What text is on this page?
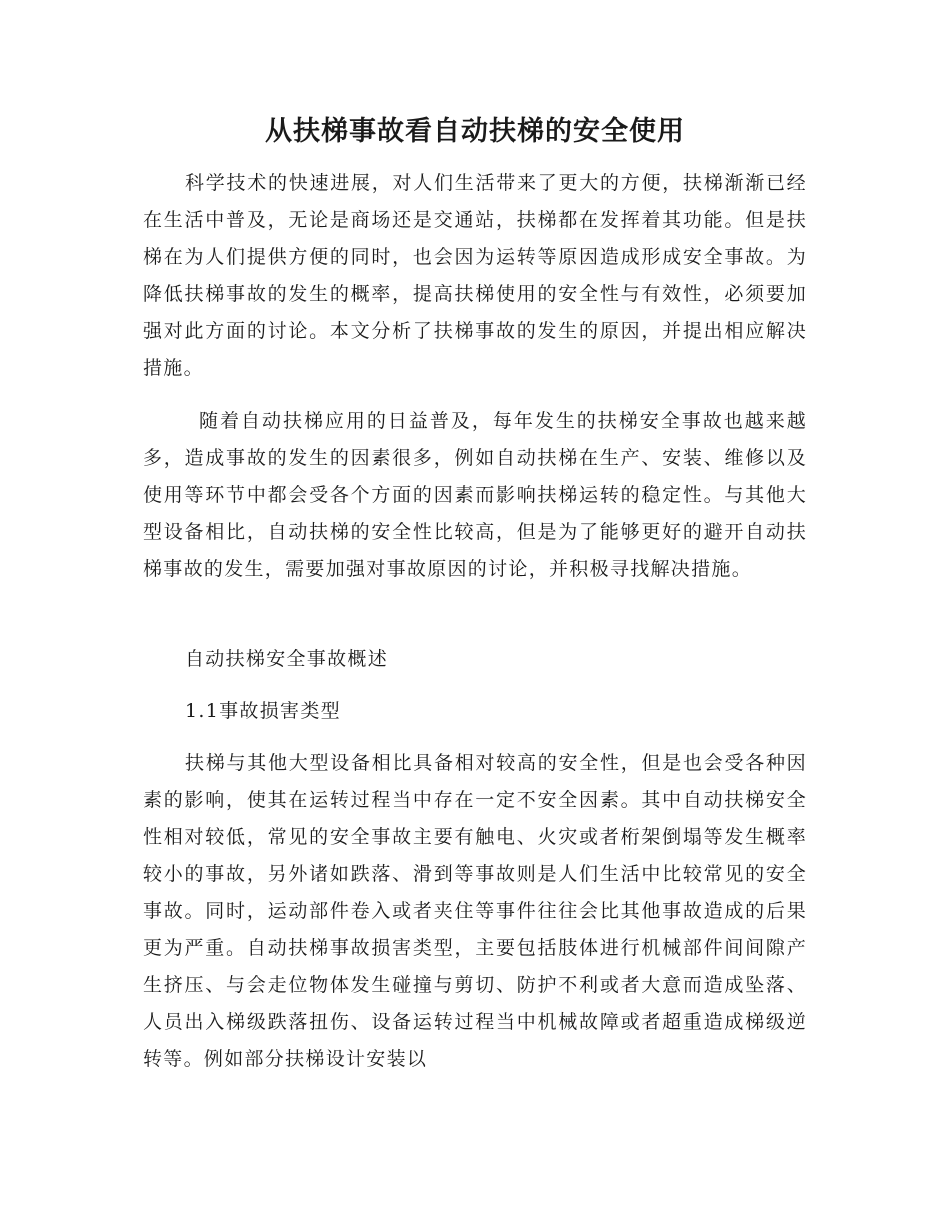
从扶梯事故看自动扶梯的安全使用

科学技术的快速进展，对人们生活带来了更大的方便，扶梯渐渐已经在生活中普及，无论是商场还是交通站，扶梯都在发挥着其功能。但是扶梯在为人们提供方便的同时，也会因为运转等原因造成形成安全事故。为降低扶梯事故的发生的概率，提高扶梯使用的安全性与有效性，必须要加强对此方面的讨论。本文分析了扶梯事故的发生的原因，并提出相应解决措施。

随着自动扶梯应用的日益普及，每年发生的扶梯安全事故也越来越多，造成事故的发生的因素很多，例如自动扶梯在生产、安装、维修以及使用等环节中都会受各个方面的因素而影响扶梯运转的稳定性。与其他大型设备相比，自动扶梯的安全性比较高，但是为了能够更好的避开自动扶梯事故的发生，需要加强对事故原因的讨论，并积极寻找解决措施。

自动扶梯安全事故概述
1.1事故损害类型

扶梯与其他大型设备相比具备相对较高的安全性，但是也会受各种因素的影响，使其在运转过程当中存在一定不安全因素。其中自动扶梯安全性相对较低，常见的安全事故主要有触电、火灾或者桁架倒塌等发生概率较小的事故，另外诸如跌落、滑到等事故则是人们生活中比较常见的安全事故。同时，运动部件卷入或者夹住等事件往往会比其他事故造成的后果更为严重。自动扶梯事故损害类型，主要包括肢体进行机械部件间间隙产生挤压、与会走位物体发生碰撞与剪切、防护不利或者大意而造成坠落、人员出入梯级跌落扭伤、设备运转过程当中机械故障或者超重造成梯级逆转等。例如部分扶梯设计安装以
